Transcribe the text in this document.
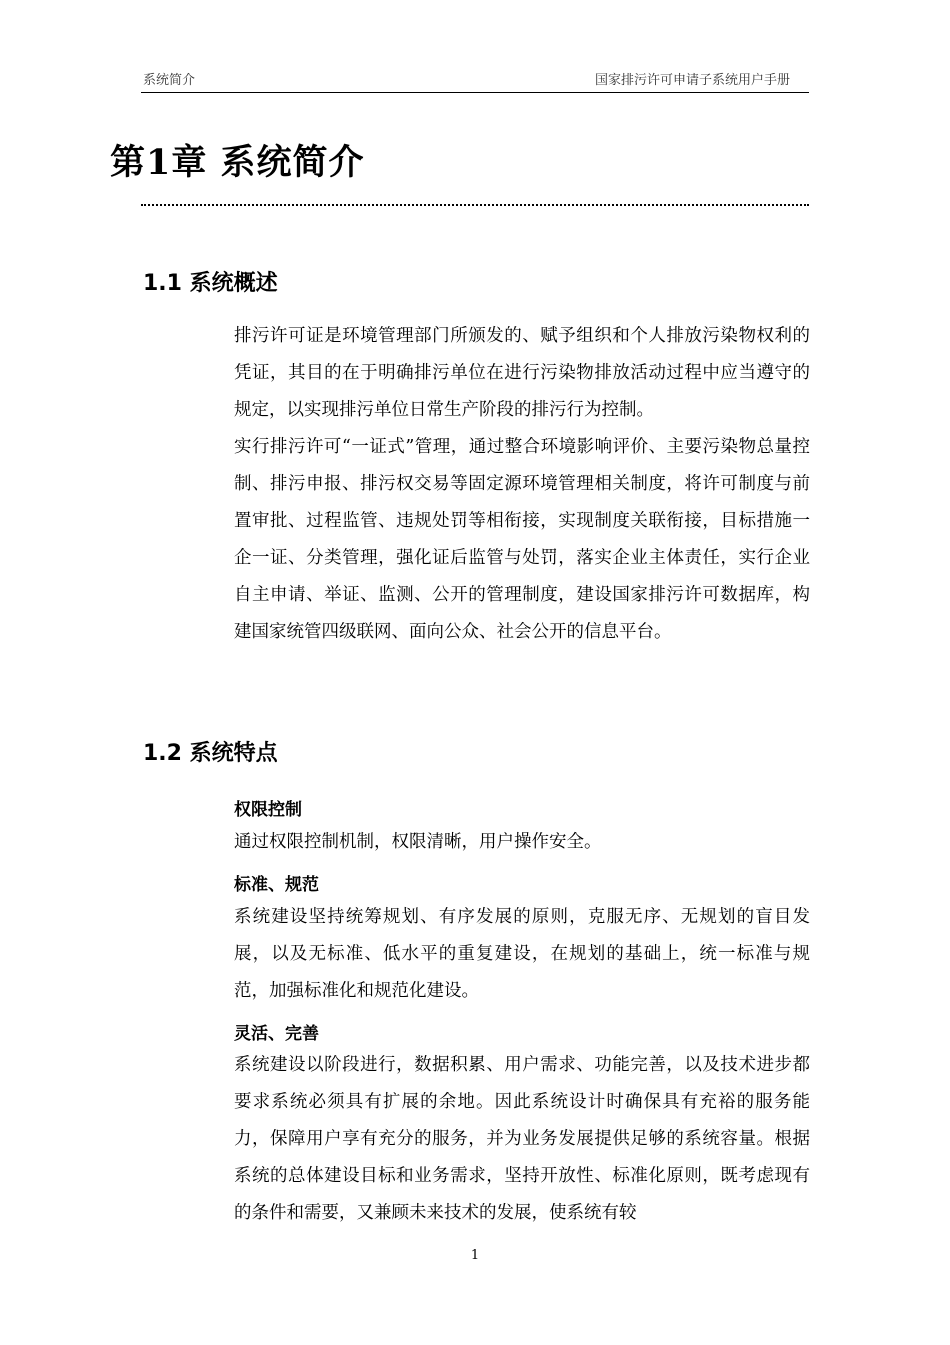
系统简介	国家排污许可申请子系统用户手册
第1章 系统简介
1.1 系统概述

排污许可证是环境管理部门所颁发的、赋予组织和个人排放污染物权利的凭证，其目的在于明确排污单位在进行污染物排放活动过程中应当遵守的规定，以实现排污单位日常生产阶段的排污行为控制。

实行排污许可“一证式”管理，通过整合环境影响评价、主要污染物总量控制、排污申报、排污权交易等固定源环境管理相关制度，将许可制度与前置审批、过程监管、违规处罚等相衔接，实现制度关联衔接，目标措施一企一证、分类管理，强化证后监管与处罚，落实企业主体责任，实行企业自主申请、举证、监测、公开的管理制度，建设国家排污许可数据库，构建国家统管四级联网、面向公众、社会公开的信息平台。

1.2 系统特点
权限控制

通过权限控制机制，权限清晰，用户操作安全。

标准、规范

系统建设坚持统筹规划、有序发展的原则，克服无序、无规划的盲目发展，以及无标准、低水平的重复建设，在规划的基础上，统一标准与规范，加强标准化和规范化建设。

灵活、完善

系统建设以阶段进行，数据积累、用户需求、功能完善，以及技术进步都要求系统必须具有扩展的余地。因此系统设计时确保具有充裕的服务能力，保障用户享有充分的服务，并为业务发展提供足够的系统容量。根据系统的总体建设目标和业务需求，坚持开放性、标准化原则，既考虑现有的条件和需要，又兼顾未来技术的发展，使系统有较

1
